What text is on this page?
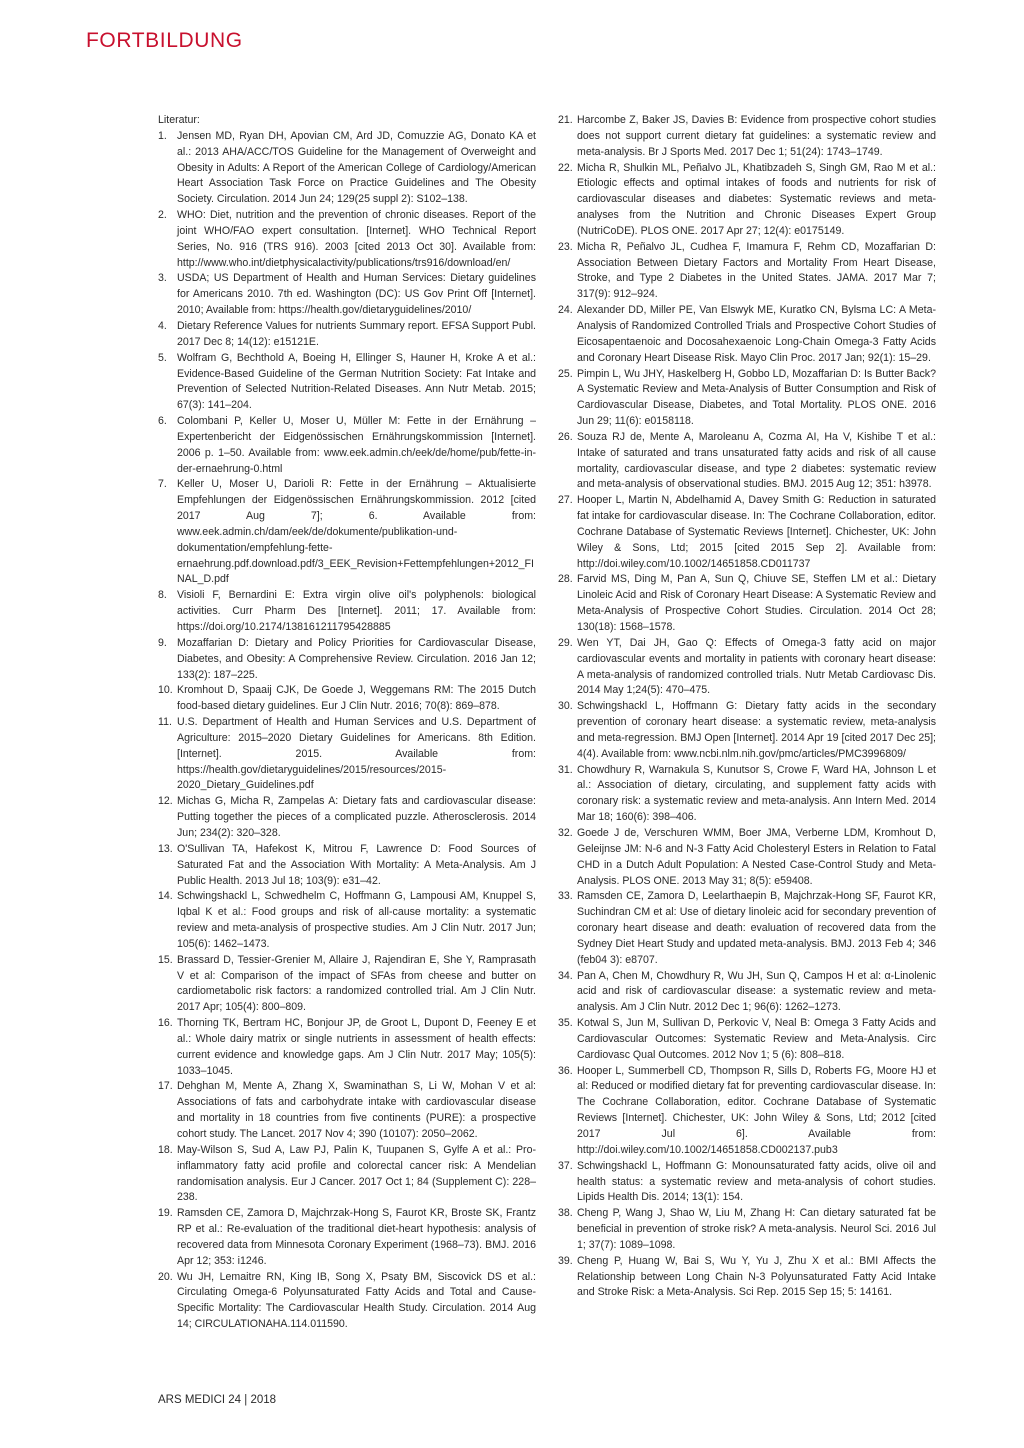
FORTBILDUNG

Literatur:

1. Jensen MD, Ryan DH, Apovian CM, Ard JD, Comuzzie AG, Donato KA et al.: 2013 AHA/ACC/TOS Guideline for the Management of Overweight and Obesity in Adults: A Report of the American College of Cardiology/American Heart Association Task Force on Practice Guidelines and The Obesity Society. Circulation. 2014 Jun 24; 129(25 suppl 2): S102–138.
2. WHO: Diet, nutrition and the prevention of chronic diseases. Report of the joint WHO/FAO expert consultation. [Internet]. WHO Technical Report Series, No. 916 (TRS 916). 2003 [cited 2013 Oct 30]. Available from: http://www.who.int/dietphysicalactivity/publications/trs916/download/en/
3. USDA; US Department of Health and Human Services: Dietary guidelines for Americans 2010. 7th ed. Washington (DC): US Gov Print Off [Internet]. 2010; Available from: https://health.gov/dietaryguidelines/2010/
4. Dietary Reference Values for nutrients Summary report. EFSA Support Publ. 2017 Dec 8; 14(12): e15121E.
5. Wolfram G, Bechthold A, Boeing H, Ellinger S, Hauner H, Kroke A et al.: Evidence-Based Guideline of the German Nutrition Society: Fat Intake and Prevention of Selected Nutrition-Related Diseases. Ann Nutr Metab. 2015; 67(3): 141–204.
6. Colombani P, Keller U, Moser U, Müller M: Fette in der Ernährung – Expertenbericht der Eidgenössischen Ernährungskommission [Internet]. 2006 p. 1–50. Available from: www.eek.admin.ch/eek/de/home/pub/fette-in-der-ernaehrung-0.html
7. Keller U, Moser U, Darioli R: Fette in der Ernährung – Aktualisierte Empfehlungen der Eidgenössischen Ernährungskommission. 2012 [cited 2017 Aug 7]; 6. Available from: www.eek.admin.ch/dam/eek/de/dokumente/publikation-und-dokumentation/empfehlung-fette-ernaehrung.pdf.download.pdf/3_EEK_Revision+Fettempfehlungen+2012_FINAL_D.pdf
8. Visioli F, Bernardini E: Extra virgin olive oil's polyphenols: biological activities. Curr Pharm Des [Internet]. 2011; 17. Available from: https://doi.org/10.2174/138161211795428885
9. Mozaffarian D: Dietary and Policy Priorities for Cardiovascular Disease, Diabetes, and Obesity: A Comprehensive Review. Circulation. 2016 Jan 12; 133(2): 187–225.
10. Kromhout D, Spaaij CJK, De Goede J, Weggemans RM: The 2015 Dutch food-based dietary guidelines. Eur J Clin Nutr. 2016; 70(8): 869–878.
11. U.S. Department of Health and Human Services and U.S. Department of Agriculture: 2015–2020 Dietary Guidelines for Americans. 8th Edition. [Internet]. 2015. Available from: https://health.gov/dietaryguidelines/2015/resources/2015-2020_Dietary_Guidelines.pdf
12. Michas G, Micha R, Zampelas A: Dietary fats and cardiovascular disease: Putting together the pieces of a complicated puzzle. Atherosclerosis. 2014 Jun; 234(2): 320–328.
13. O'Sullivan TA, Hafekost K, Mitrou F, Lawrence D: Food Sources of Saturated Fat and the Association With Mortality: A Meta-Analysis. Am J Public Health. 2013 Jul 18; 103(9): e31–42.
14. Schwingshackl L, Schwedhelm C, Hoffmann G, Lampousi AM, Knuppel S, Iqbal K et al.: Food groups and risk of all-cause mortality: a systematic review and meta-analysis of prospective studies. Am J Clin Nutr. 2017 Jun; 105(6): 1462–1473.
15. Brassard D, Tessier-Grenier M, Allaire J, Rajendiran E, She Y, Ramprasath V et al: Comparison of the impact of SFAs from cheese and butter on cardiometabolic risk factors: a randomized controlled trial. Am J Clin Nutr. 2017 Apr; 105(4): 800–809.
16. Thorning TK, Bertram HC, Bonjour JP, de Groot L, Dupont D, Feeney E et al.: Whole dairy matrix or single nutrients in assessment of health effects: current evidence and knowledge gaps. Am J Clin Nutr. 2017 May; 105(5): 1033–1045.
17. Dehghan M, Mente A, Zhang X, Swaminathan S, Li W, Mohan V et al: Associations of fats and carbohydrate intake with cardiovascular disease and mortality in 18 countries from five continents (PURE): a prospective cohort study. The Lancet. 2017 Nov 4; 390 (10107): 2050–2062.
18. May-Wilson S, Sud A, Law PJ, Palin K, Tuupanen S, Gylfe A et al.: Pro-inflammatory fatty acid profile and colorectal cancer risk: A Mendelian randomisation analysis. Eur J Cancer. 2017 Oct 1; 84 (Supplement C): 228–238.
19. Ramsden CE, Zamora D, Majchrzak-Hong S, Faurot KR, Broste SK, Frantz RP et al.: Re-evaluation of the traditional diet-heart hypothesis: analysis of recovered data from Minnesota Coronary Experiment (1968–73). BMJ. 2016 Apr 12; 353: i1246.
20. Wu JH, Lemaitre RN, King IB, Song X, Psaty BM, Siscovick DS et al.: Circulating Omega-6 Polyunsaturated Fatty Acids and Total and Cause-Specific Mortality: The Cardiovascular Health Study. Circulation. 2014 Aug 14; CIRCULATIONAHA.114.011590.
21. Harcombe Z, Baker JS, Davies B: Evidence from prospective cohort studies does not support current dietary fat guidelines: a systematic review and meta-analysis. Br J Sports Med. 2017 Dec 1; 51(24): 1743–1749.
22. Micha R, Shulkin ML, Peñalvo JL, Khatibzadeh S, Singh GM, Rao M et al.: Etiologic effects and optimal intakes of foods and nutrients for risk of cardiovascular diseases and diabetes: Systematic reviews and meta-analyses from the Nutrition and Chronic Diseases Expert Group (NutriCoDE). PLOS ONE. 2017 Apr 27; 12(4): e0175149.
23. Micha R, Peñalvo JL, Cudhea F, Imamura F, Rehm CD, Mozaffarian D: Association Between Dietary Factors and Mortality From Heart Disease, Stroke, and Type 2 Diabetes in the United States. JAMA. 2017 Mar 7; 317(9): 912–924.
24. Alexander DD, Miller PE, Van Elswyk ME, Kuratko CN, Bylsma LC: A Meta-Analysis of Randomized Controlled Trials and Prospective Cohort Studies of Eicosapentaenoic and Docosahexaenoic Long-Chain Omega-3 Fatty Acids and Coronary Heart Disease Risk. Mayo Clin Proc. 2017 Jan; 92(1): 15–29.
25. Pimpin L, Wu JHY, Haskelberg H, Gobbo LD, Mozaffarian D: Is Butter Back? A Systematic Review and Meta-Analysis of Butter Consumption and Risk of Cardiovascular Disease, Diabetes, and Total Mortality. PLOS ONE. 2016 Jun 29; 11(6): e0158118.
26. Souza RJ de, Mente A, Maroleanu A, Cozma AI, Ha V, Kishibe T et al.: Intake of saturated and trans unsaturated fatty acids and risk of all cause mortality, cardiovascular disease, and type 2 diabetes: systematic review and meta-analysis of observational studies. BMJ. 2015 Aug 12; 351: h3978.
27. Hooper L, Martin N, Abdelhamid A, Davey Smith G: Reduction in saturated fat intake for cardiovascular disease. In: The Cochrane Collaboration, editor. Cochrane Database of Systematic Reviews [Internet]. Chichester, UK: John Wiley & Sons, Ltd; 2015 [cited 2015 Sep 2]. Available from: http://doi.wiley.com/10.1002/14651858.CD011737
28. Farvid MS, Ding M, Pan A, Sun Q, Chiuve SE, Steffen LM et al.: Dietary Linoleic Acid and Risk of Coronary Heart Disease: A Systematic Review and Meta-Analysis of Prospective Cohort Studies. Circulation. 2014 Oct 28; 130(18): 1568–1578.
29. Wen YT, Dai JH, Gao Q: Effects of Omega-3 fatty acid on major cardiovascular events and mortality in patients with coronary heart disease: A meta-analysis of randomized controlled trials. Nutr Metab Cardiovasc Dis. 2014 May 1;24(5): 470–475.
30. Schwingshackl L, Hoffmann G: Dietary fatty acids in the secondary prevention of coronary heart disease: a systematic review, meta-analysis and meta-regression. BMJ Open [Internet]. 2014 Apr 19 [cited 2017 Dec 25]; 4(4). Available from: www.ncbi.nlm.nih.gov/pmc/articles/PMC3996809/
31. Chowdhury R, Warnakula S, Kunutsor S, Crowe F, Ward HA, Johnson L et al.: Association of dietary, circulating, and supplement fatty acids with coronary risk: a systematic review and meta-analysis. Ann Intern Med. 2014 Mar 18; 160(6): 398–406.
32. Goede J de, Verschuren WMM, Boer JMA, Verberne LDM, Kromhout D, Geleijnse JM: N-6 and N-3 Fatty Acid Cholesteryl Esters in Relation to Fatal CHD in a Dutch Adult Population: A Nested Case-Control Study and Meta-Analysis. PLOS ONE. 2013 May 31; 8(5): e59408.
33. Ramsden CE, Zamora D, Leelarthaepin B, Majchrzak-Hong SF, Faurot KR, Suchindran CM et al: Use of dietary linoleic acid for secondary prevention of coronary heart disease and death: evaluation of recovered data from the Sydney Diet Heart Study and updated meta-analysis. BMJ. 2013 Feb 4; 346 (feb04 3): e8707.
34. Pan A, Chen M, Chowdhury R, Wu JH, Sun Q, Campos H et al: α-Linolenic acid and risk of cardiovascular disease: a systematic review and meta-analysis. Am J Clin Nutr. 2012 Dec 1; 96(6): 1262–1273.
35. Kotwal S, Jun M, Sullivan D, Perkovic V, Neal B: Omega 3 Fatty Acids and Cardiovascular Outcomes: Systematic Review and Meta-Analysis. Circ Cardiovasc Qual Outcomes. 2012 Nov 1; 5 (6): 808–818.
36. Hooper L, Summerbell CD, Thompson R, Sills D, Roberts FG, Moore HJ et al: Reduced or modified dietary fat for preventing cardiovascular disease. In: The Cochrane Collaboration, editor. Cochrane Database of Systematic Reviews [Internet]. Chichester, UK: John Wiley & Sons, Ltd; 2012 [cited 2017 Jul 6]. Available from: http://doi.wiley.com/10.1002/14651858.CD002137.pub3
37. Schwingshackl L, Hoffmann G: Monounsaturated fatty acids, olive oil and health status: a systematic review and meta-analysis of cohort studies. Lipids Health Dis. 2014; 13(1): 154.
38. Cheng P, Wang J, Shao W, Liu M, Zhang H: Can dietary saturated fat be beneficial in prevention of stroke risk? A meta-analysis. Neurol Sci. 2016 Jul 1; 37(7): 1089–1098.
39. Cheng P, Huang W, Bai S, Wu Y, Yu J, Zhu X et al.: BMI Affects the Relationship between Long Chain N-3 Polyunsaturated Fatty Acid Intake and Stroke Risk: a Meta-Analysis. Sci Rep. 2015 Sep 15; 5: 14161.
ARS MEDICI 24 | 2018
